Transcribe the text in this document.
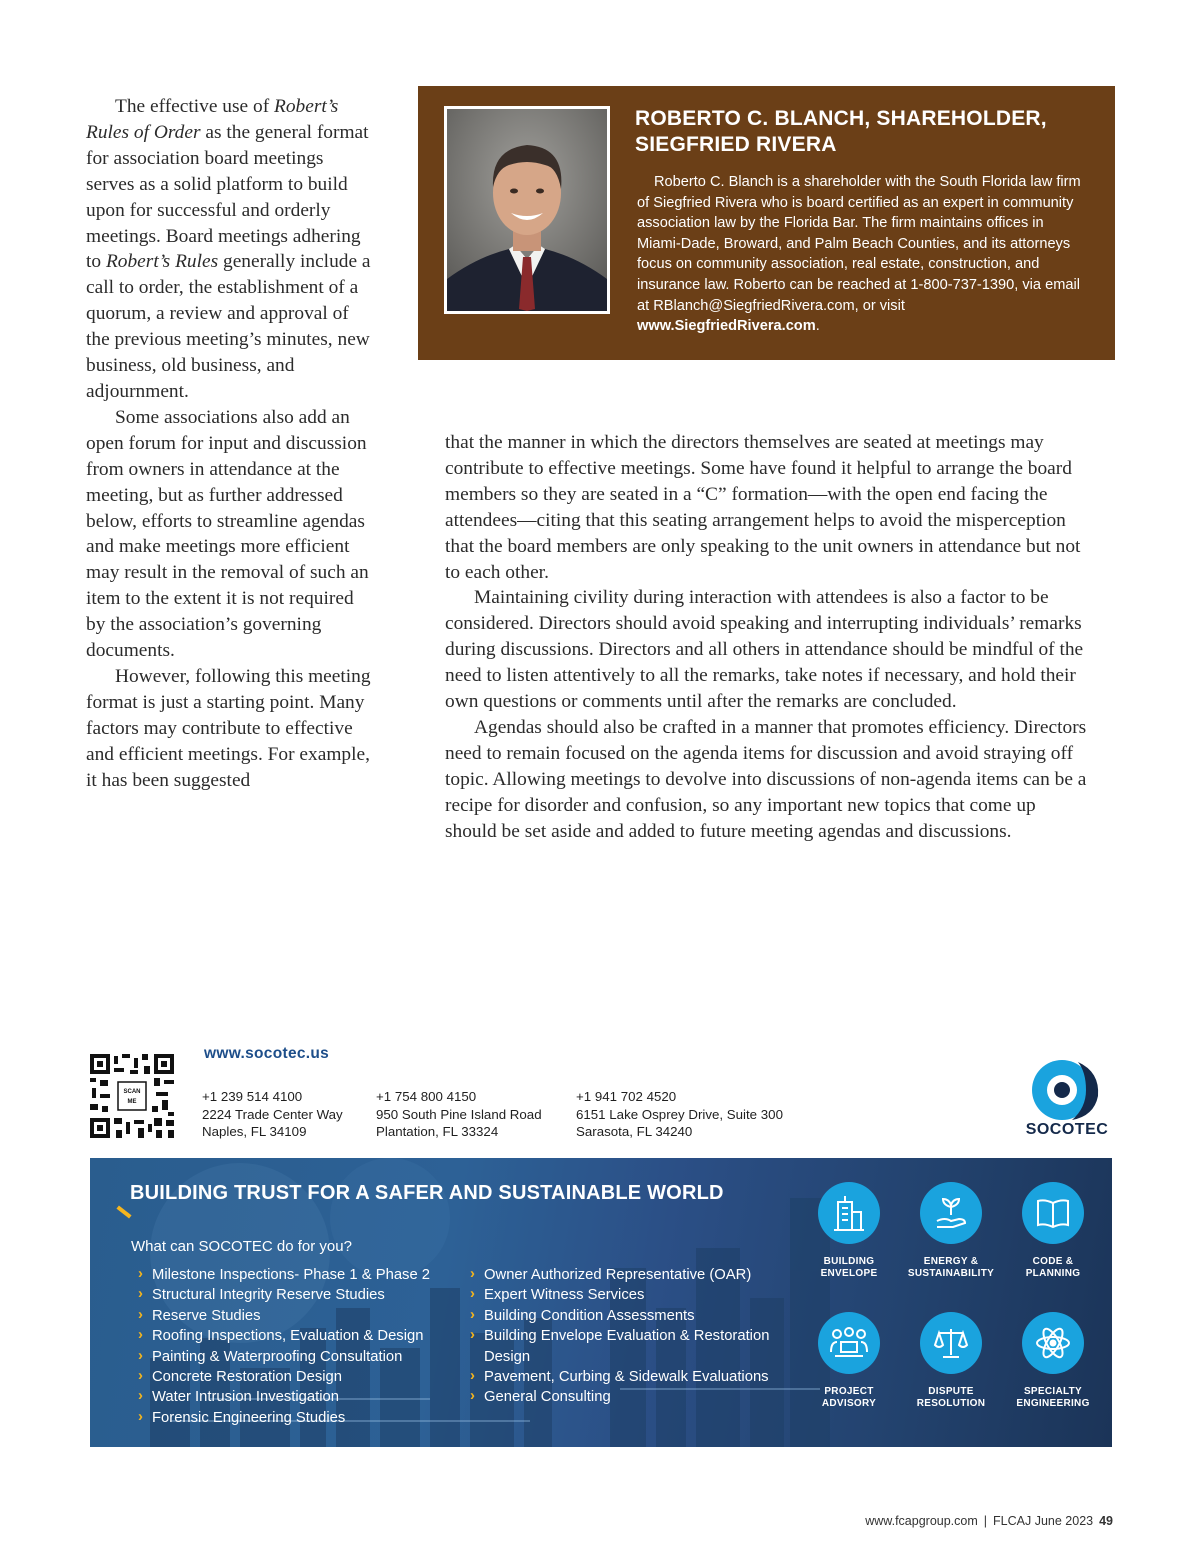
The effective use of Robert’s Rules of Order as the general format for association board meetings serves as a solid platform to build upon for successful and orderly meetings. Board meetings adhering to Robert’s Rules generally include a call to order, the establishment of a quorum, a review and approval of the previous meeting’s minutes, new business, old business, and adjournment.

Some associations also add an open forum for input and discussion from owners in attendance at the meeting, but as further addressed below, efforts to streamline agendas and make meetings more efficient may result in the removal of such an item to the extent it is not required by the association’s governing documents.

However, following this meeting format is just a starting point. Many factors may contribute to effective and efficient meetings. For example, it has been suggested

ROBERTO C. BLANCH, SHAREHOLDER, SIEGFRIED RIVERA
Roberto C. Blanch is a shareholder with the South Florida law firm of Siegfried Rivera who is board certified as an expert in community association law by the Florida Bar. The firm maintains offices in Miami-Dade, Broward, and Palm Beach Counties, and its attorneys focus on community association, real estate, construction, and insurance law. Roberto can be reached at 1-800-737-1390, via email at RBlanch@SiegfriedRivera.com, or visit www.SiegfriedRivera.com.

that the manner in which the directors themselves are seated at meetings may contribute to effective meetings. Some have found it helpful to arrange the board members so they are seated in a “C” formation—with the open end facing the attendees—citing that this seating arrangement helps to avoid the misperception that the board members are only speaking to the unit owners in attendance but not to each other.

Maintaining civility during interaction with attendees is also a factor to be considered. Directors should avoid speaking and interrupting individuals’ remarks during discussions. Directors and all others in attendance should be mindful of the need to listen attentively to all the remarks, take notes if necessary, and hold their own questions or comments until after the remarks are concluded.

Agendas should also be crafted in a manner that promotes efficiency. Directors need to remain focused on the agenda items for discussion and avoid straying off topic. Allowing meetings to devolve into discussions of non-agenda items can be a recipe for disorder and confusion, so any important new topics that come up should be set aside and added to future meeting agendas and discussions.

SCAN
ME
www.socotec.us
+1 239 514 4100
2224 Trade Center Way
Naples, FL 34109
+1 754 800 4150
950 South Pine Island Road
Plantation, FL 33324
+1 941 702 4520
6151 Lake Osprey Drive, Suite 300
Sarasota, FL 34240	SOCOTEC
BUILDING TRUST FOR A SAFER AND SUSTAINABLE WORLD
What can SOCOTEC do for you?
› Milestone Inspections- Phase 1 & Phase 2
› Structural Integrity Reserve Studies
› Reserve Studies
› Roofing Inspections, Evaluation & Design
› Painting & Waterproofing Consultation
› Concrete Restoration Design
› Water Intrusion Investigation
› Forensic Engineering Studies
› Owner Authorized Representative (OAR)
› Expert Witness Services
› Building Condition Assessments
› Building Envelope Evaluation & Restoration Design
› Pavement, Curbing & Sidewalk Evaluations
› General Consulting
BUILDING
ENVELOPE
ENERGY &
SUSTAINABILITY
CODE &
PLANNING
PROJECT
ADVISORY
DISPUTE
RESOLUTION
SPECIALTY
ENGINEERING
www.fcapgroup.com | FLCAJ June 2023 49
